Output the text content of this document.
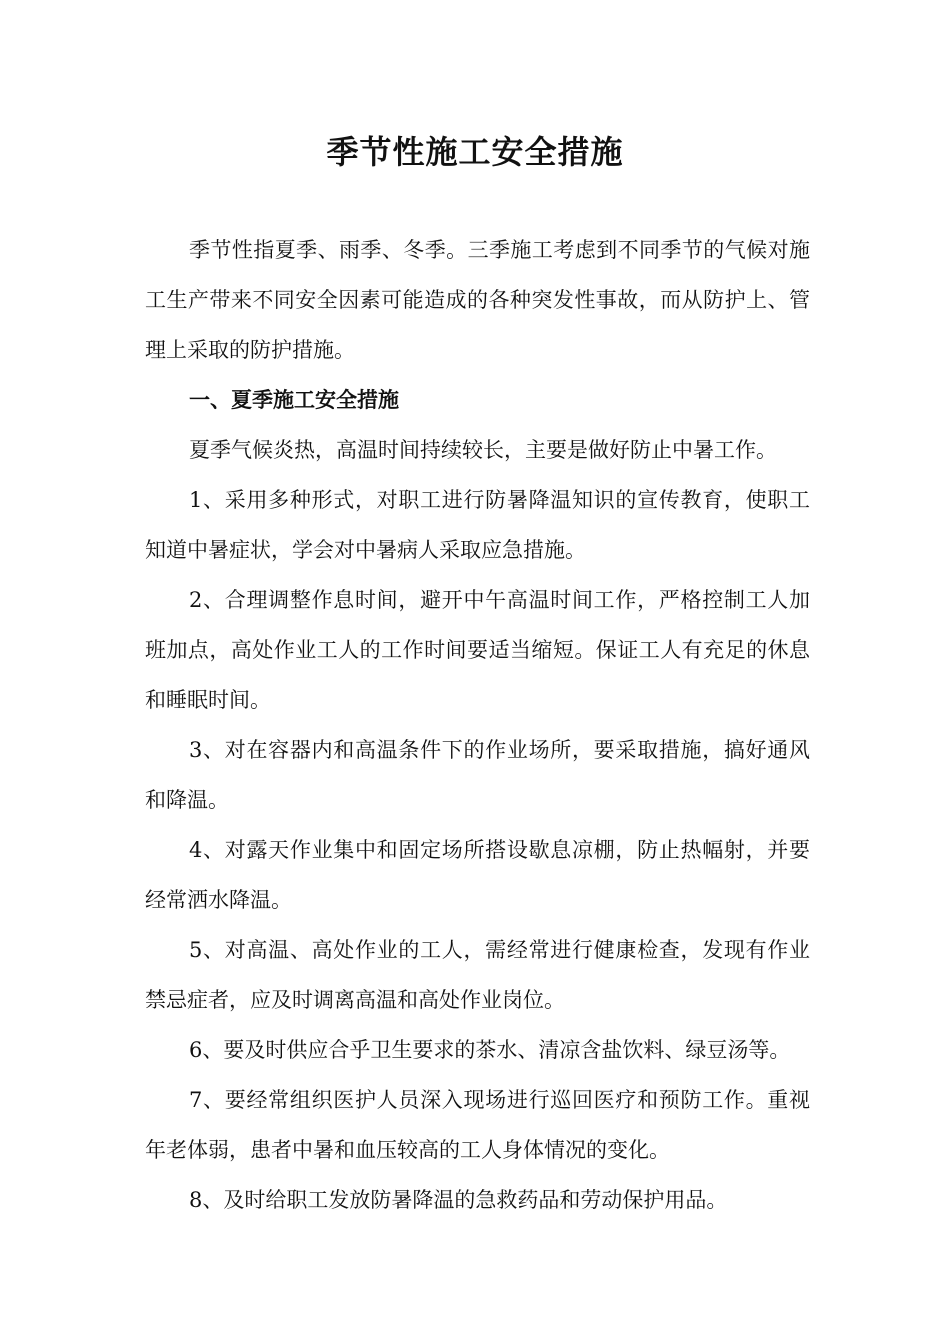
季节性施工安全措施

季节性指夏季、雨季、冬季。三季施工考虑到不同季节的气候对施工生产带来不同安全因素可能造成的各种突发性事故，而从防护上、管理上采取的防护措施。

一、夏季施工安全措施

夏季气候炎热，高温时间持续较长，主要是做好防止中暑工作。

1、采用多种形式，对职工进行防暑降温知识的宣传教育，使职工知道中暑症状，学会对中暑病人采取应急措施。

2、合理调整作息时间，避开中午高温时间工作，严格控制工人加班加点，高处作业工人的工作时间要适当缩短。保证工人有充足的休息和睡眠时间。

3、对在容器内和高温条件下的作业场所，要采取措施，搞好通风和降温。

4、对露天作业集中和固定场所搭设歇息凉棚，防止热幅射，并要经常洒水降温。

5、对高温、高处作业的工人，需经常进行健康检查，发现有作业禁忌症者，应及时调离高温和高处作业岗位。

6、要及时供应合乎卫生要求的茶水、清凉含盐饮料、绿豆汤等。

7、要经常组织医护人员深入现场进行巡回医疗和预防工作。重视年老体弱，患者中暑和血压较高的工人身体情况的变化。

8、及时给职工发放防暑降温的急救药品和劳动保护用品。
